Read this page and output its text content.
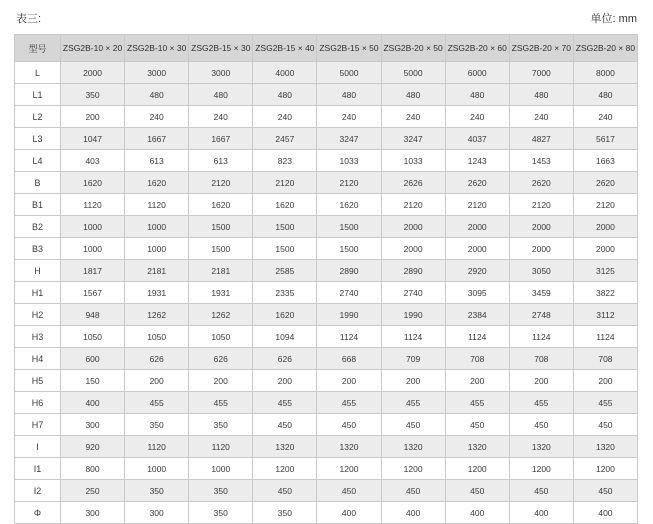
表三:	单位: mm
型号	ZSG2B-10 × 20	ZSG2B-10 × 30	ZSG2B-15 × 30	ZSG2B-15 × 40	ZSG2B-15 × 50	ZSG2B-20 × 50	ZSG2B-20 × 60	ZSG2B-20 × 70	ZSG2B-20 × 80
L	2000	3000	3000	4000	5000	5000	6000	7000	8000
L1	350	480	480	480	480	480	480	480	480
L2	200	240	240	240	240	240	240	240	240
L3	1047	1667	1667	2457	3247	3247	4037	4827	5617
L4	403	613	613	823	1033	1033	1243	1453	1663
B	1620	1620	2120	2120	2120	2626	2620	2620	2620
B1	1120	1120	1620	1620	1620	2120	2120	2120	2120
B2	1000	1000	1500	1500	1500	2000	2000	2000	2000
B3	1000	1000	1500	1500	1500	2000	2000	2000	2000
H	1817	2181	2181	2585	2890	2890	2920	3050	3125
H1	1567	1931	1931	2335	2740	2740	3095	3459	3822
H2	948	1262	1262	1620	1990	1990	2384	2748	3112
H3	1050	1050	1050	1094	1124	1124	1124	1124	1124
H4	600	626	626	626	668	709	708	708	708
H5	150	200	200	200	200	200	200	200	200
H6	400	455	455	455	455	455	455	455	455
H7	300	350	350	450	450	450	450	450	450
I	920	1120	1120	1320	1320	1320	1320	1320	1320
I1	800	1000	1000	1200	1200	1200	1200	1200	1200
I2	250	350	350	450	450	450	450	450	450
Φ	300	300	350	350	400	400	400	400	400
